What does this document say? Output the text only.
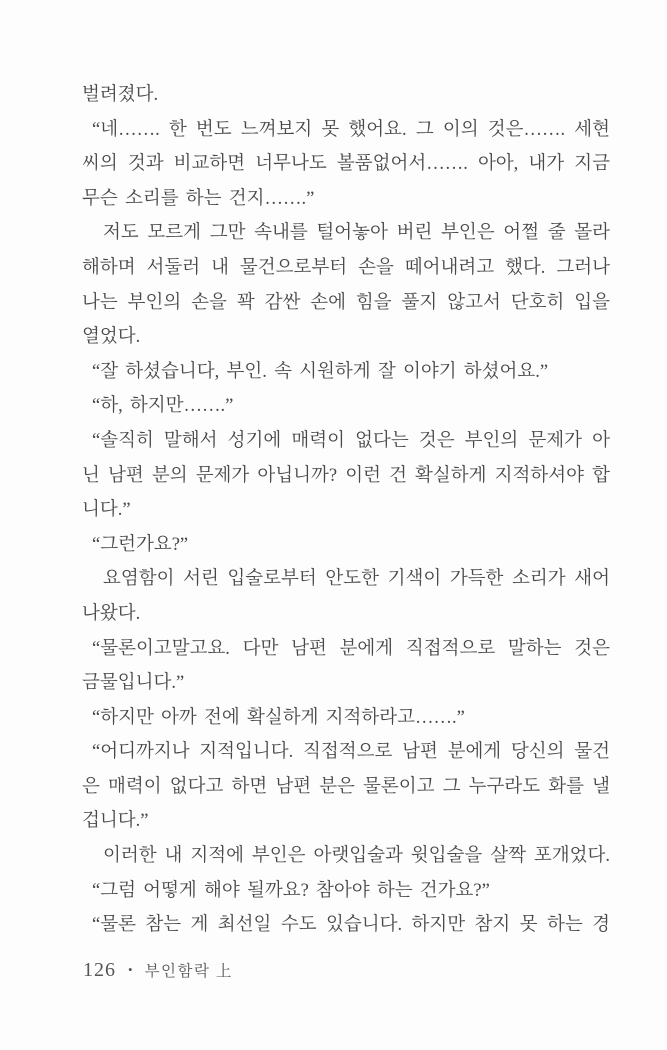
벌려졌다.
“네……. 한 번도 느껴보지 못 했어요. 그 이의 것은……. 세현
씨의 것과 비교하면 너무나도 볼품없어서……. 아아, 내가 지금
무슨 소리를 하는 건지…….”
저도 모르게 그만 속내를 털어놓아 버린 부인은 어쩔 줄 몰라
해하며 서둘러 내 물건으로부터 손을 떼어내려고 했다. 그러나
나는 부인의 손을 꽉 감싼 손에 힘을 풀지 않고서 단호히 입을
열었다.
“잘 하셨습니다, 부인. 속 시원하게 잘 이야기 하셨어요.”
“하, 하지만…….”
“솔직히 말해서 성기에 매력이 없다는 것은 부인의 문제가 아
닌 남편 분의 문제가 아닙니까? 이런 건 확실하게 지적하셔야 합
니다.”
“그런가요?”
요염함이 서린 입술로부터 안도한 기색이 가득한 소리가 새어
나왔다.
“물론이고말고요. 다만 남편 분에게 직접적으로 말하는 것은
금물입니다.”
“하지만 아까 전에 확실하게 지적하라고…….”
“어디까지나 지적입니다. 직접적으로 남편 분에게 당신의 물건
은 매력이 없다고 하면 남편 분은 물론이고 그 누구라도 화를 낼
겁니다.”
이러한 내 지적에 부인은 아랫입술과 윗입술을 살짝 포개었다.
“그럼 어떻게 해야 될까요? 참아야 하는 건가요?”
“물론 참는 게 최선일 수도 있습니다. 하지만 참지 못 하는 경
126 • 부인함락 上
